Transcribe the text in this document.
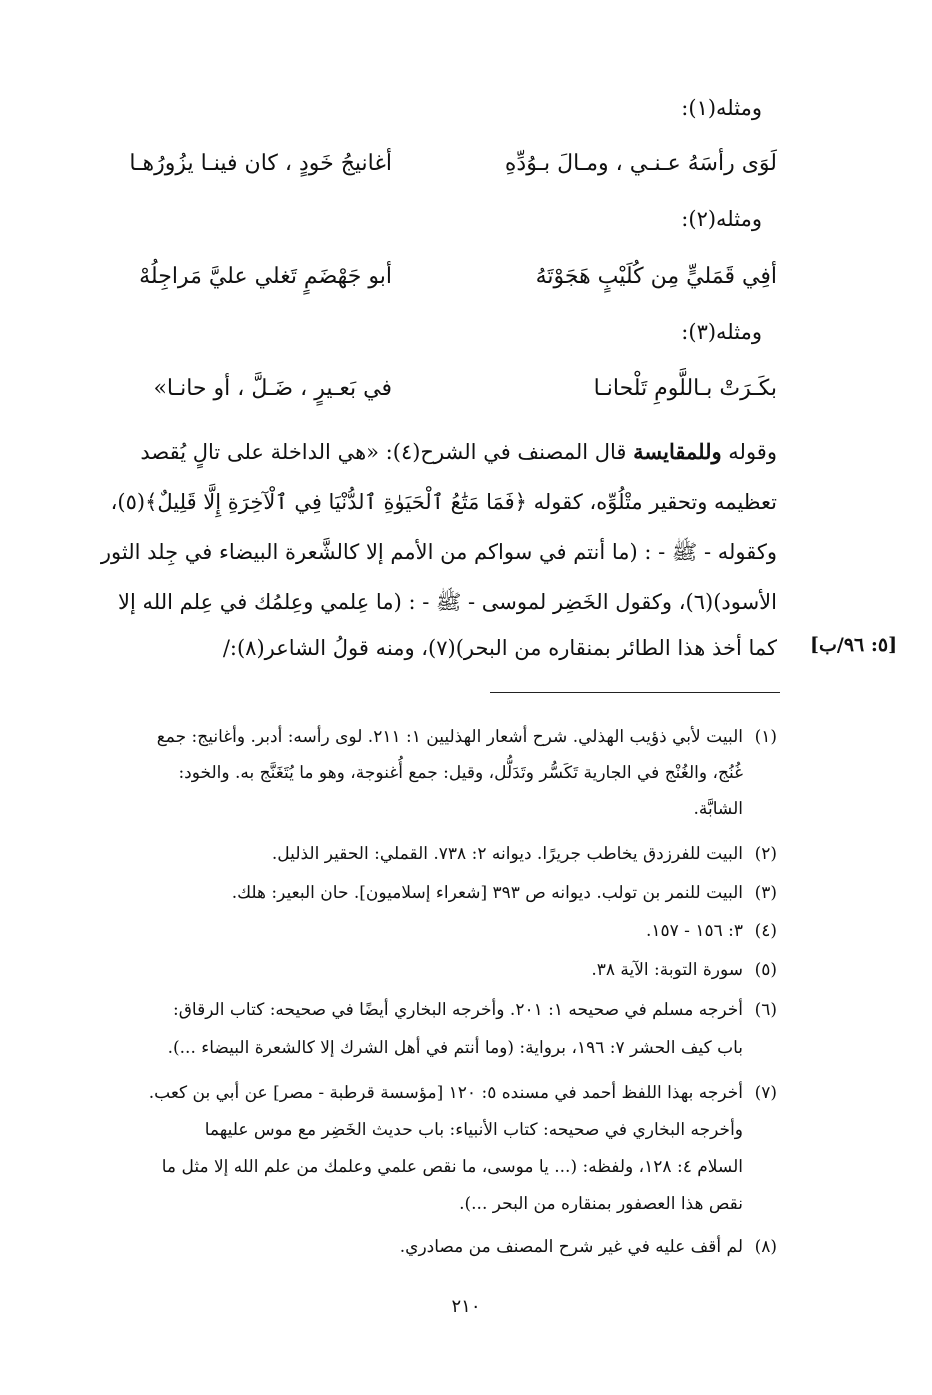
ومثله(١):
لَوَى رأسَهُ عـنـي ، ومـالَ بـوُدِّهِ
أغانيجُ خَودٍ ، كان فينـا يزُورُهـا
ومثله(٢):
أفِي قَمَليٍّ مِن كُلَيْبٍ هَجَوْتَهُ
أبو جَهْضَمٍ تَغلي عليَّ مَراجِلُهْ
ومثله(٣):
بكَـرَتْ بـاللَّومِ تَلْحانـا
في بَعـيرٍ ، ضَـلَّ ، أو حانـا»
وقوله وللمقايسة قال المصنف في الشرح(٤): «هي الداخلة على تالٍ يُقصد
تعظيمه وتحقير متْلُوِّه، كقوله ﴿فَمَا مَتَٰعُ ٱلْحَيَوٰةِ ٱلدُّنْيَا فِي ٱلْآخِرَةِ إِلَّا قَلِيلٌ﴾(٥)،
وكقوله - ﷺ - : (ما أنتم في سواكم من الأمم إلا كالشَّعرة البيضاء في جِلد الثور
الأسود)(٦)، وكقول الخَضِر لموسى - ﷺ - : (ما عِلمي وعِلمُك في عِلم الله إلا
كما أخذ هذا الطائر بمنقاره من البحر)(٧)، ومنه قولُ الشاعر(٨):/ [٥: ٩٦/ب]
(١)البيت لأبي ذؤيب الهذلي. شرح أشعار الهذليين ١: ٢١١. لوى رأسه: أدبر. وأغانيج: جمع
غُنُج، والغُنْج في الجارية تَكَسُّر وتَدَلُّل، وقيل: جمع أُغنوجة، وهو ما يُتَغَنَّج به. والخود:
الشابَّة.
(٢)البيت للفرزدق يخاطب جريرًا. ديوانه ٢: ٧٣٨. القملي: الحقير الذليل.
(٣)البيت للنمر بن تولب. ديوانه ص ٣٩٣ [شعراء إسلاميون]. حان البعير: هلك.
(٤)٣: ١٥٦ - ١٥٧.
(٥)سورة التوبة: الآية ٣٨.
(٦)أخرجه مسلم في صحيحه ١: ٢٠١. وأخرجه البخاري أيضًا في صحيحه: كتاب الرقاق:
باب كيف الحشر ٧: ١٩٦، برواية: (وما أنتم في أهل الشرك إلا كالشعرة البيضاء ...).
(٧)أخرجه بهذا اللفظ أحمد في مسنده ٥: ١٢٠ [مؤسسة قرطبة - مصر] عن أبي بن كعب.
وأخرجه البخاري في صحيحه: كتاب الأنبياء: باب حديث الخَضِر مع موس عليهما
السلام ٤: ١٢٨، ولفظه: (... يا موسى، ما نقص علمي وعلمك من علم الله إلا مثل ما
نقص هذا العصفور بمنقاره من البحر ...).
(٨)لم أقف عليه في غير شرح المصنف من مصادري.
٢١٠
